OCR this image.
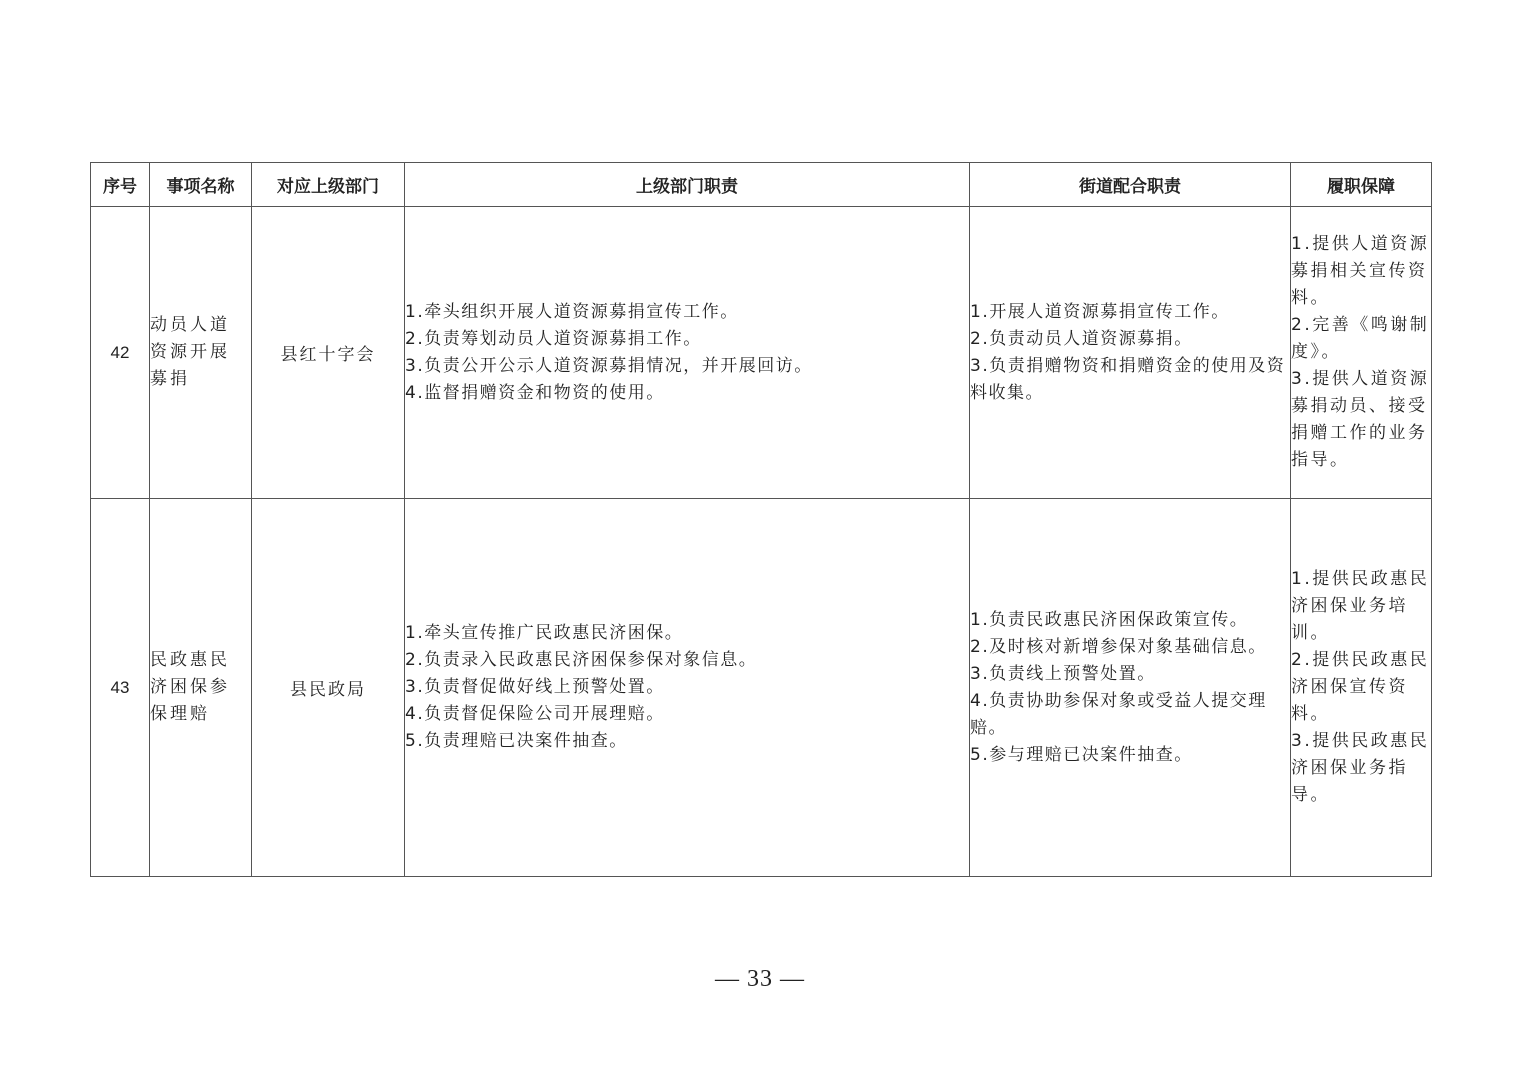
序号	事项名称	对应上级部门	上级部门职责	街道配合职责	履职保障
42	动员人道
资源开展
募捐	县红十字会	1.牵头组织开展人道资源募捐宣传工作。
2.负责筹划动员人道资源募捐工作。
3.负责公开公示人道资源募捐情况，并开展回访。
4.监督捐赠资金和物资的使用。	1.开展人道资源募捐宣传工作。
2.负责动员人道资源募捐。
3.负责捐赠物资和捐赠资金的使用及资料收集。	1.提供人道资源募捐相关宣传资料。
2.完善《鸣谢制度》。
3.提供人道资源募捐动员、接受捐赠工作的业务指导。

43	民政惠民
济困保参
保理赔	县民政局	1.牵头宣传推广民政惠民济困保。
2.负责录入民政惠民济困保参保对象信息。
3.负责督促做好线上预警处置。
4.负责督促保险公司开展理赔。
5.负责理赔已决案件抽查。	1.负责民政惠民济困保政策宣传。
2.及时核对新增参保对象基础信息。
3.负责线上预警处置。
4.负责协助参保对象或受益人提交理赔。
5.参与理赔已决案件抽查。	1.提供民政惠民济困保业务培训。
2.提供民政惠民济困保宣传资料。
3.提供民政惠民济困保业务指导。
— 33 —
